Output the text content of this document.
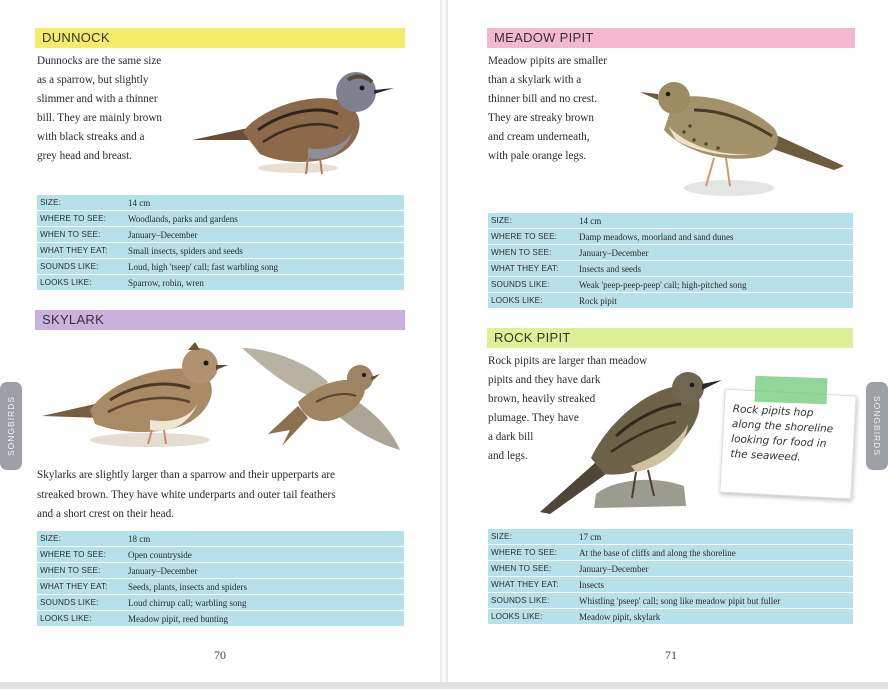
DUNNOCK
Dunnocks are the same size
as a sparrow, but slightly
slimmer and with a thinner
bill. They are mainly brown
with black streaks and a
grey head and breast.
SIZE:	14 cm
WHERE TO SEE:	Woodlands, parks and gardens
WHEN TO SEE:	January–December
WHAT THEY EAT:	Small insects, spiders and seeds
SOUNDS LIKE:	Loud, high 'tseep' call; fast warbling song
LOOKS LIKE:	Sparrow, robin, wren
SKYLARK
Skylarks are slightly larger than a sparrow and their upperparts are
streaked brown. They have white underparts and outer tail feathers
and a short crest on their head.
SIZE:	18 cm
WHERE TO SEE:	Open countryside
WHEN TO SEE:	January–December
WHAT THEY EAT:	Seeds, plants, insects and spiders
SOUNDS LIKE:	Loud chirrup call; warbling song
LOOKS LIKE:	Meadow pipit, reed bunting
70
MEADOW PIPIT
Meadow pipits are smaller
than a skylark with a
thinner bill and no crest.
They are streaky brown
and cream underneath,
with pale orange legs.
SIZE:	14 cm
WHERE TO SEE:	Damp meadows, moorland and sand dunes
WHEN TO SEE:	January–December
WHAT THEY EAT:	Insects and seeds
SOUNDS LIKE:	Weak 'peep-peep-peep' call; high-pitched song
LOOKS LIKE:	Rock pipit
ROCK PIPIT
Rock pipits are larger than meadow
pipits and they have dark
brown, heavily streaked
plumage. They have
a dark bill
and legs.
SIZE:	17 cm
WHERE TO SEE:	At the base of cliffs and along the shoreline
WHEN TO SEE:	January–December
WHAT THEY EAT:	Insects
SOUNDS LIKE:	Whistling 'pseep' call; song like meadow pipit but fuller
LOOKS LIKE:	Meadow pipit, skylark
71
Rock pipits hop
along the shoreline
looking for food in
the seaweed.
SONGBIRDS	SONGBIRDS
